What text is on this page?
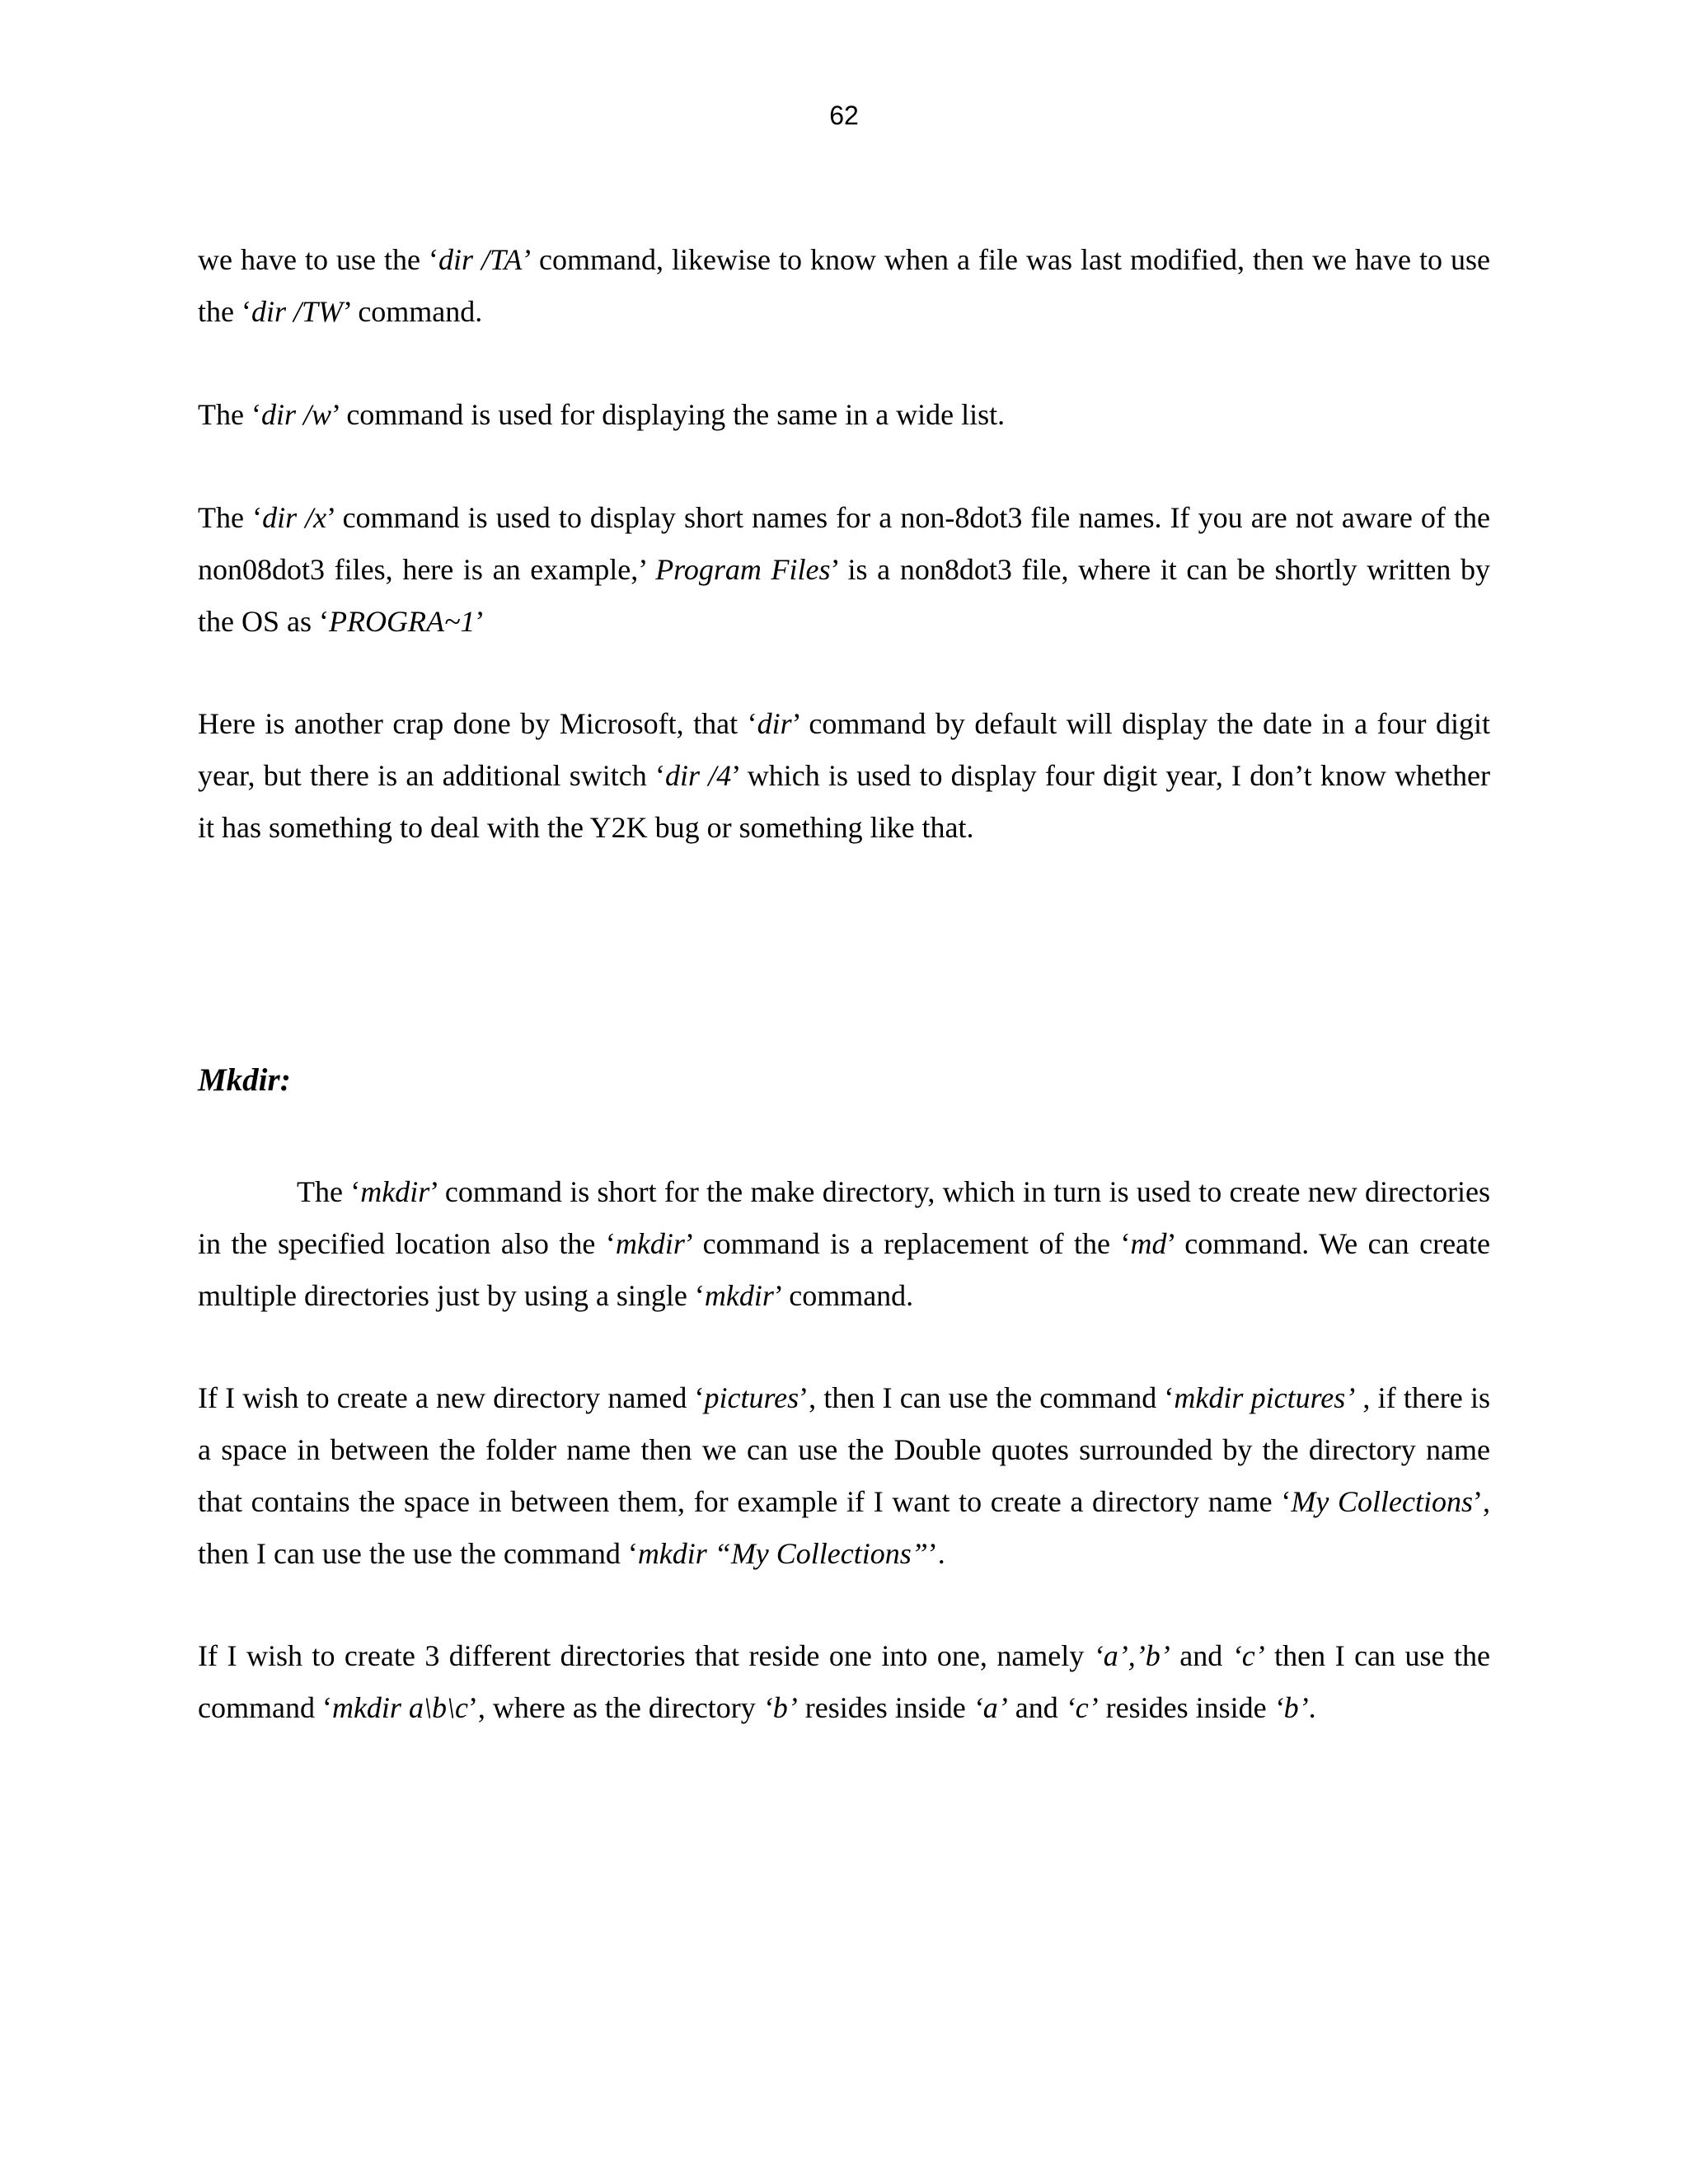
62

we have to use the ‘dir /TA’ command, likewise to know when a file was last modified, then we have to use the ‘dir /TW’ command.

The ‘dir /w’ command is used for displaying the same in a wide list.

The ‘dir /x’ command is used to display short names for a non-8dot3 file names. If you are not aware of the non08dot3 files, here is an example,’ Program Files’ is a non8dot3 file, where it can be shortly written by the OS as ‘PROGRA~1’

Here is another crap done by Microsoft, that ‘dir’ command by default will display the date in a four digit year, but there is an additional switch ‘dir /4’ which is used to display four digit year, I don’t know whether it has something to deal with the Y2K bug or something like that.

Mkdir:

The ‘mkdir’ command is short for the make directory, which in turn is used to create new directories in the specified location also the ‘mkdir’ command is a replacement of the ‘md’ command. We can create multiple directories just by using a single ‘mkdir’ command.

If I wish to create a new directory named ‘pictures’, then I can use the command ‘mkdir pictures’ , if there is a space in between the folder name then we can use the Double quotes surrounded by the directory name that contains the space in between them, for example if I want to create a directory name ‘My Collections’, then I can use the use the command ‘mkdir “My Collections”’.

If I wish to create 3 different directories that reside one into one, namely ‘a’,’b’ and ‘c’ then I can use the command ‘mkdir a\b\c’, where as the directory ‘b’ resides inside ‘a’ and ‘c’ resides inside ‘b’.
